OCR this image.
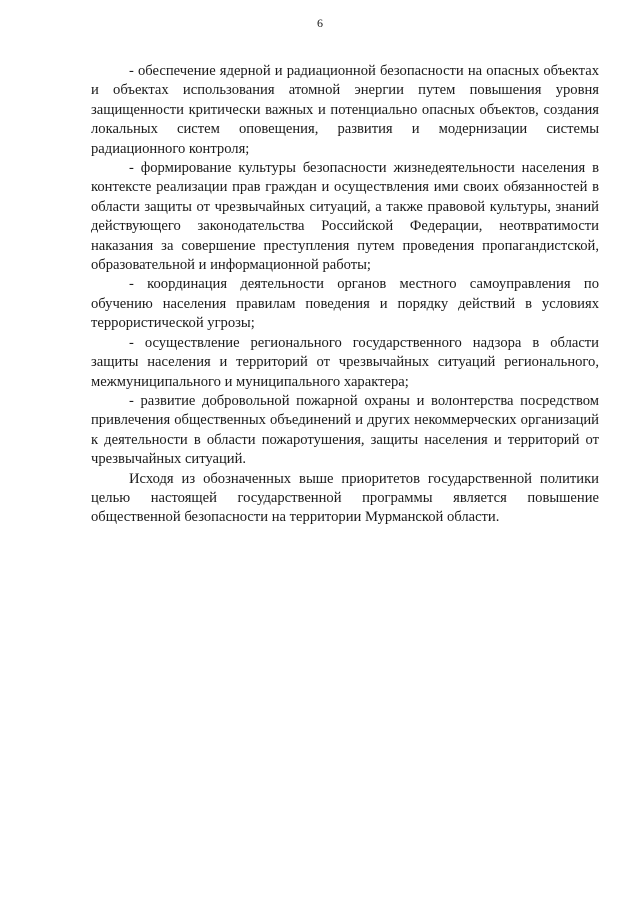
6

- обеспечение ядерной и радиационной безопасности на опасных объектах и объектах использования атомной энергии путем повышения уровня защищенности критически важных и потенциально опасных объектов, создания локальных систем оповещения, развития и модернизации системы радиационного контроля;

- формирование культуры безопасности жизнедеятельности населения в контексте реализации прав граждан и осуществления ими своих обязанностей в области защиты от чрезвычайных ситуаций, а также правовой культуры, знаний действующего законодательства Российской Федерации, неотвратимости наказания за совершение преступления путем проведения пропагандистской, образовательной и информационной работы;

- координация деятельности органов местного самоуправления по обучению населения правилам поведения и порядку действий в условиях террористической угрозы;

- осуществление регионального государственного надзора в области защиты населения и территорий от чрезвычайных ситуаций регионального, межмуниципального и муниципального характера;

- развитие добровольной пожарной охраны и волонтерства посредством привлечения общественных объединений и других некоммерческих организаций к деятельности в области пожаротушения, защиты населения и территорий от чрезвычайных ситуаций.

Исходя из обозначенных выше приоритетов государственной политики целью настоящей государственной программы является повышение общественной безопасности на территории Мурманской области.
